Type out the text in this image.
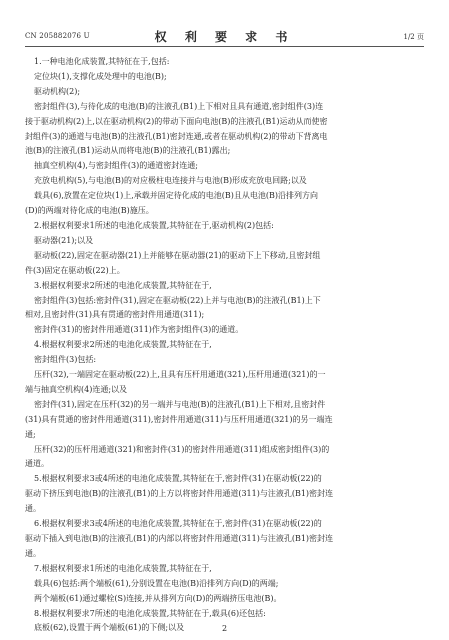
CN 205882076 U	权 利 要 求 书	1/2 页

1.一种电池化成装置,其特征在于,包括:

定位块(1),支撑化成处理中的电池(B);

驱动机构(2);

密封组件(3),与待化成的电池(B)的注液孔(B1)上下相对且具有通道,密封组件(3)连

接于驱动机构(2)上,以在驱动机构(2)的带动下面向电池(B)的注液孔(B1)运动从而使密

封组件(3)的通道与电池(B)的注液孔(B1)密封连通,或者在驱动机构(2)的带动下背离电

池(B)的注液孔(B1)运动从而将电池(B)的注液孔(B1)露出;

抽真空机构(4),与密封组件(3)的通道密封连通;

充放电机构(5),与电池(B)的对应极柱电连接并与电池(B)形成充放电回路;以及

载具(6),放置在定位块(1)上,承载并固定待化成的电池(B)且从电池(B)沿排列方向

(D)的两端对待化成的电池(B)施压。

2.根据权利要求1所述的电池化成装置,其特征在于,驱动机构(2)包括:

驱动器(21);以及

驱动板(22),固定在驱动器(21)上并能够在驱动器(21)的驱动下上下移动,且密封组

件(3)固定在驱动板(22)上。

3.根据权利要求2所述的电池化成装置,其特征在于,

密封组件(3)包括:密封件(31),固定在驱动板(22)上并与电池(B)的注液孔(B1)上下

相对,且密封件(31)具有贯通的密封件用通道(311);

密封件(31)的密封件用通道(311)作为密封组件(3)的通道。

4.根据权利要求2所述的电池化成装置,其特征在于,

密封组件(3)包括:

压杆(32),一端固定在驱动板(22)上,且具有压杆用通道(321),压杆用通道(321)的一

端与抽真空机构(4)连通;以及

密封件(31),固定在压杆(32)的另一端并与电池(B)的注液孔(B1)上下相对,且密封件

(31)具有贯通的密封件用通道(311),密封件用通道(311)与压杆用通道(321)的另一端连

通;

压杆(32)的压杆用通道(321)和密封件(31)的密封件用通道(311)组成密封组件(3)的

通道。

5.根据权利要求3或4所述的电池化成装置,其特征在于,密封件(31)在驱动板(22)的

驱动下挤压到电池(B)的注液孔(B1)的上方以将密封件用通道(311)与注液孔(B1)密封连

通。

6.根据权利要求3或4所述的电池化成装置,其特征在于,密封件(31)在驱动板(22)的

驱动下插入到电池(B)的注液孔(B1)的内部以将密封件用通道(311)与注液孔(B1)密封连

通。

7.根据权利要求1所述的电池化成装置,其特征在于,

载具(6)包括:两个端板(61),分别设置在电池(B)沿排列方向(D)的两端;

两个端板(61)通过螺栓(S)连接,并从排列方向(D)的两端挤压电池(B)。

8.根据权利要求7所述的电池化成装置,其特征在于,载具(6)还包括:

底板(62),设置于两个端板(61)的下侧;以及	2
